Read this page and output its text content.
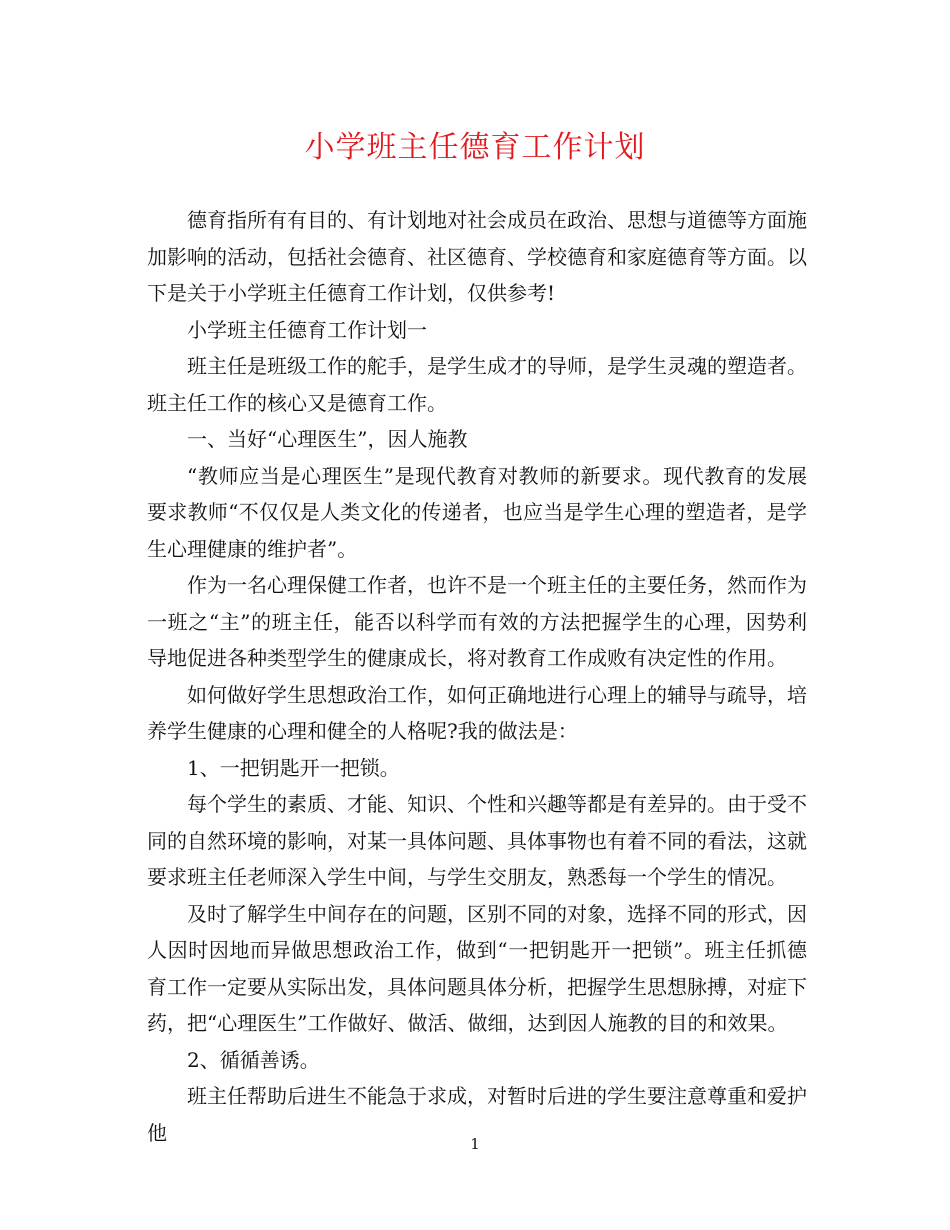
小学班主任德育工作计划

德育指所有有目的、有计划地对社会成员在政治、思想与道德等方面施加影响的活动，包括社会德育、社区德育、学校德育和家庭德育等方面。以下是关于小学班主任德育工作计划，仅供参考!

小学班主任德育工作计划一

班主任是班级工作的舵手，是学生成才的导师，是学生灵魂的塑造者。班主任工作的核心又是德育工作。

一、当好“心理医生”，因人施教

“教师应当是心理医生”是现代教育对教师的新要求。现代教育的发展要求教师“不仅仅是人类文化的传递者，也应当是学生心理的塑造者，是学生心理健康的维护者”。

作为一名心理保健工作者，也许不是一个班主任的主要任务，然而作为一班之“主”的班主任，能否以科学而有效的方法把握学生的心理，因势利导地促进各种类型学生的健康成长，将对教育工作成败有决定性的作用。

如何做好学生思想政治工作，如何正确地进行心理上的辅导与疏导，培养学生健康的心理和健全的人格呢?我的做法是：

1、一把钥匙开一把锁。

每个学生的素质、才能、知识、个性和兴趣等都是有差异的。由于受不同的自然环境的影响，对某一具体问题、具体事物也有着不同的看法，这就要求班主任老师深入学生中间，与学生交朋友，熟悉每一个学生的情况。

及时了解学生中间存在的问题，区别不同的对象，选择不同的形式，因人因时因地而异做思想政治工作，做到“一把钥匙开一把锁”。班主任抓德育工作一定要从实际出发，具体问题具体分析，把握学生思想脉搏，对症下药，把“心理医生”工作做好、做活、做细，达到因人施教的目的和效果。

2、循循善诱。

班主任帮助后进生不能急于求成，对暂时后进的学生要注意尊重和爱护他	1
